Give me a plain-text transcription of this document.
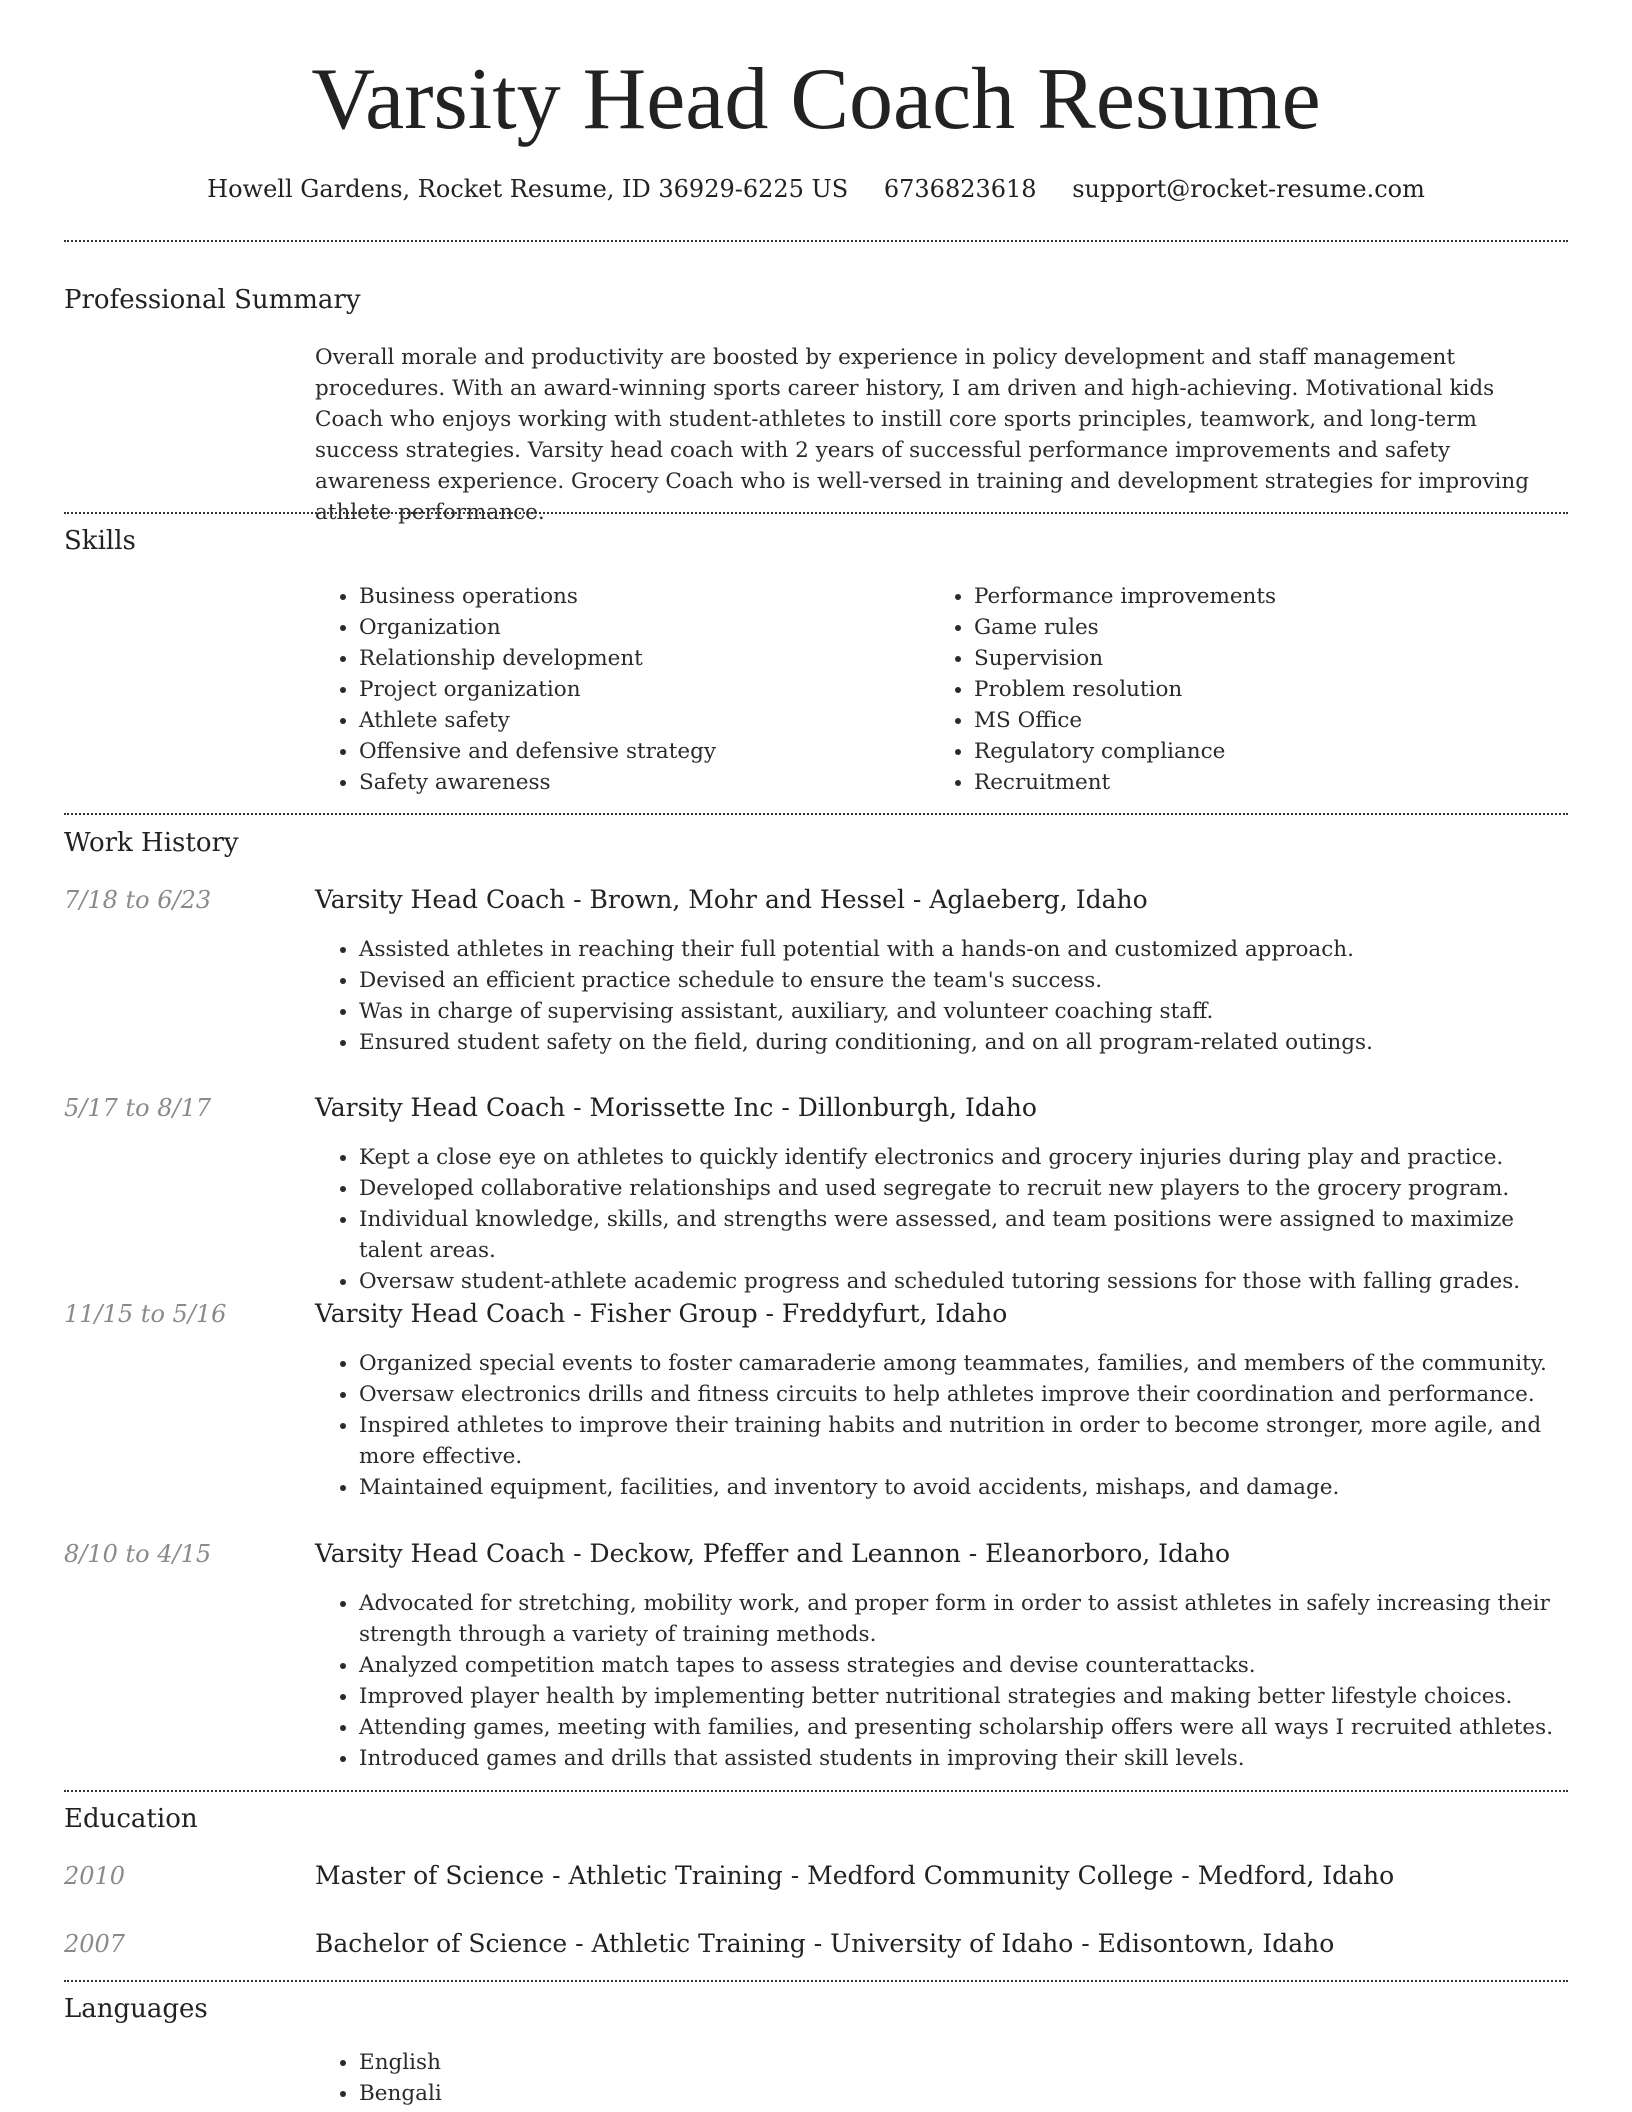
Varsity Head Coach Resume
Howell Gardens, Rocket Resume, ID 36929-6225 US 6736823618 support@rocket-resume.com
Professional Summary
Overall morale and productivity are boosted by experience in policy development and staff management procedures. With an award-winning sports career history, I am driven and high-achieving. Motivational kids Coach who enjoys working with student-athletes to instill core sports principles, teamwork, and long-term success strategies. Varsity head coach with 2 years of successful performance improvements and safety awareness experience. Grocery Coach who is well-versed in training and development strategies for improving athlete performance.
Skills
• Business operations
• Organization
• Relationship development
• Project organization
• Athlete safety
• Offensive and defensive strategy
• Safety awareness
• Performance improvements
• Game rules
• Supervision
• Problem resolution
• MS Office
• Regulatory compliance
• Recruitment
Work History
7/18 to 6/23	Varsity Head Coach - Brown, Mohr and Hessel - Aglaeberg, Idaho
• Assisted athletes in reaching their full potential with a hands-on and customized approach.
• Devised an efficient practice schedule to ensure the team's success.
• Was in charge of supervising assistant, auxiliary, and volunteer coaching staff.
• Ensured student safety on the field, during conditioning, and on all program-related outings.
5/17 to 8/17	Varsity Head Coach - Morissette Inc - Dillonburgh, Idaho
• Kept a close eye on athletes to quickly identify electronics and grocery injuries during play and practice.
• Developed collaborative relationships and used segregate to recruit new players to the grocery program.
• Individual knowledge, skills, and strengths were assessed, and team positions were assigned to maximize talent areas.
• Oversaw student-athlete academic progress and scheduled tutoring sessions for those with falling grades.
11/15 to 5/16	Varsity Head Coach - Fisher Group - Freddyfurt, Idaho
• Organized special events to foster camaraderie among teammates, families, and members of the community.
• Oversaw electronics drills and fitness circuits to help athletes improve their coordination and performance.
• Inspired athletes to improve their training habits and nutrition in order to become stronger, more agile, and more effective.
• Maintained equipment, facilities, and inventory to avoid accidents, mishaps, and damage.
8/10 to 4/15	Varsity Head Coach - Deckow, Pfeffer and Leannon - Eleanorboro, Idaho
• Advocated for stretching, mobility work, and proper form in order to assist athletes in safely increasing their strength through a variety of training methods.
• Analyzed competition match tapes to assess strategies and devise counterattacks.
• Improved player health by implementing better nutritional strategies and making better lifestyle choices.
• Attending games, meeting with families, and presenting scholarship offers were all ways I recruited athletes.
• Introduced games and drills that assisted students in improving their skill levels.
Education
2010	Master of Science - Athletic Training - Medford Community College - Medford, Idaho
2007	Bachelor of Science - Athletic Training - University of Idaho - Edisontown, Idaho
Languages
• English
• Bengali
